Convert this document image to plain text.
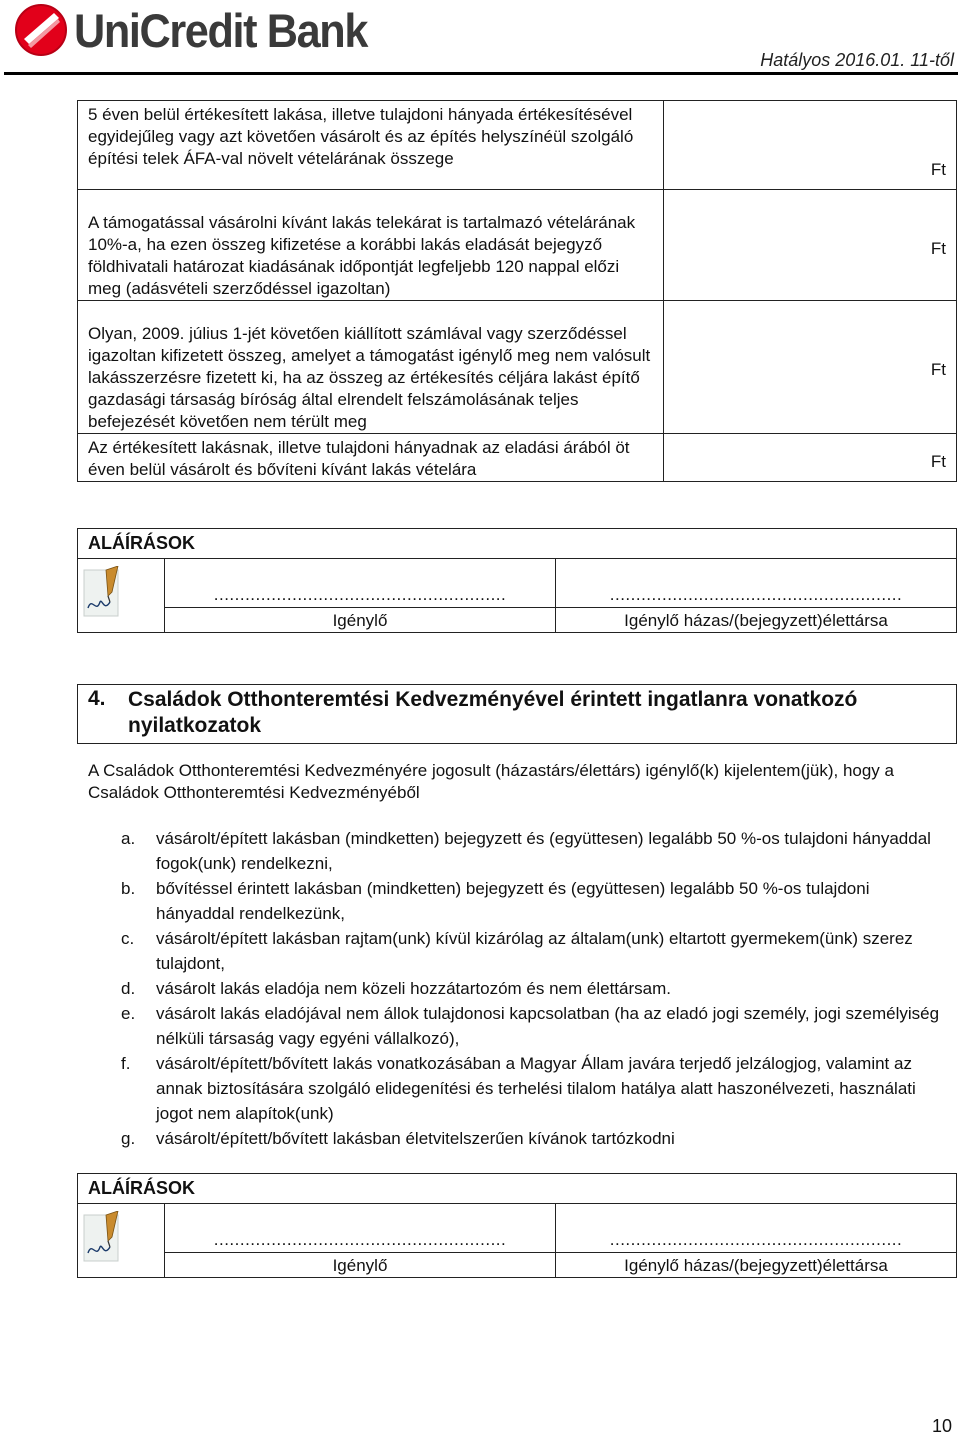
UniCredit Bank
Hatályos 2016.01. 11-től
5 éven belül értékesített lakása, illetve tulajdoni hányada értékesítésével egyidejűleg vagy azt követően vásárolt és az építés helyszínéül szolgáló építési telek ÁFA-val növelt vételárának összege	Ft
A támogatással vásárolni kívánt lakás telekárat is tartalmazó vételárának 10%-a, ha ezen összeg kifizetése a korábbi lakás eladását bejegyző földhivatali határozat kiadásának időpontját legfeljebb 120 nappal előzi meg (adásvételi szerződéssel igazoltan)	Ft
Olyan, 2009. július 1-jét követően kiállított számlával vagy szerződéssel igazoltan kifizetett összeg, amelyet a támogatást igénylő meg nem valósult lakásszerzésre fizetett ki, ha az összeg az értékesítés céljára lakást építő gazdasági társaság bíróság által elrendelt felszámolásának teljes befejezését követően nem térült meg	Ft
Az értékesített lakásnak, illetve tulajdoni hányadnak az eladási árából öt éven belül vásárolt és bővíteni kívánt lakás vételára	Ft
ALÁÍRÁSOK		
	........................................................	........................................................
	Igénylő	Igénylő házas/(bejegyzett)élettársa
4. Családok Otthonteremtési Kedvezményével érintett ingatlanra vonatkozó nyilatkozatok
A Családok Otthonteremtési Kedvezményére jogosult (házastárs/élettárs) igénylő(k) kijelentem(jük), hogy a Családok Otthonteremtési Kedvezményéből
a. vásárolt/épített lakásban (mindketten) bejegyzett és (együttesen) legalább 50 %-os tulajdoni hányaddal fogok(unk) rendelkezni,
b. bővítéssel érintett lakásban (mindketten) bejegyzett és (együttesen) legalább 50 %-os tulajdoni hányaddal rendelkezünk,
c. vásárolt/épített lakásban rajtam(unk) kívül kizárólag az általam(unk) eltartott gyermekem(ünk) szerez tulajdont,
d. vásárolt lakás eladója nem közeli hozzátartozóm és nem élettársam.
e. vásárolt lakás eladójával nem állok tulajdonosi kapcsolatban (ha az eladó jogi személy, jogi személyiség nélküli társaság vagy egyéni vállalkozó),
f. vásárolt/épített/bővített lakás vonatkozásában a Magyar Állam javára terjedő jelzálogjog, valamint az annak biztosítására szolgáló elidegenítési és terhelési tilalom hatálya alatt haszonélvezeti, használati jogot nem alapítok(unk)
g. vásárolt/épített/bővített lakásban életvitelszerűen kívánok tartózkodni
ALÁÍRÁSOK		
	........................................................	........................................................
	Igénylő	Igénylő házas/(bejegyzett)élettársa
10
